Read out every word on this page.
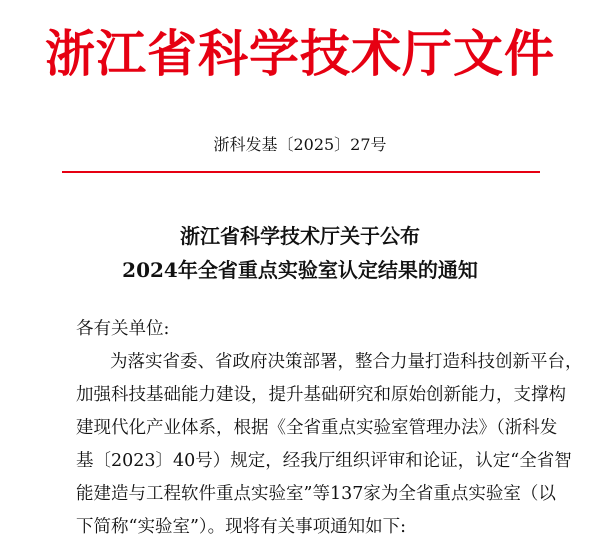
浙江省科学技术厅文件
浙科发基〔2025〕27号
浙江省科学技术厅关于公布
2024年全省重点实验室认定结果的通知
各有关单位:
为落实省委、省政府决策部署，整合力量打造科技创新平台，
加强科技基础能力建设，提升基础研究和原始创新能力，支撑构
建现代化产业体系，根据《全省重点实验室管理办法》（浙科发
基〔2023〕40号）规定，经我厅组织评审和论证，认定“全省智
能建造与工程软件重点实验室”等137家为全省重点实验室（以
下简称“实验室”）。现将有关事项通知如下:
